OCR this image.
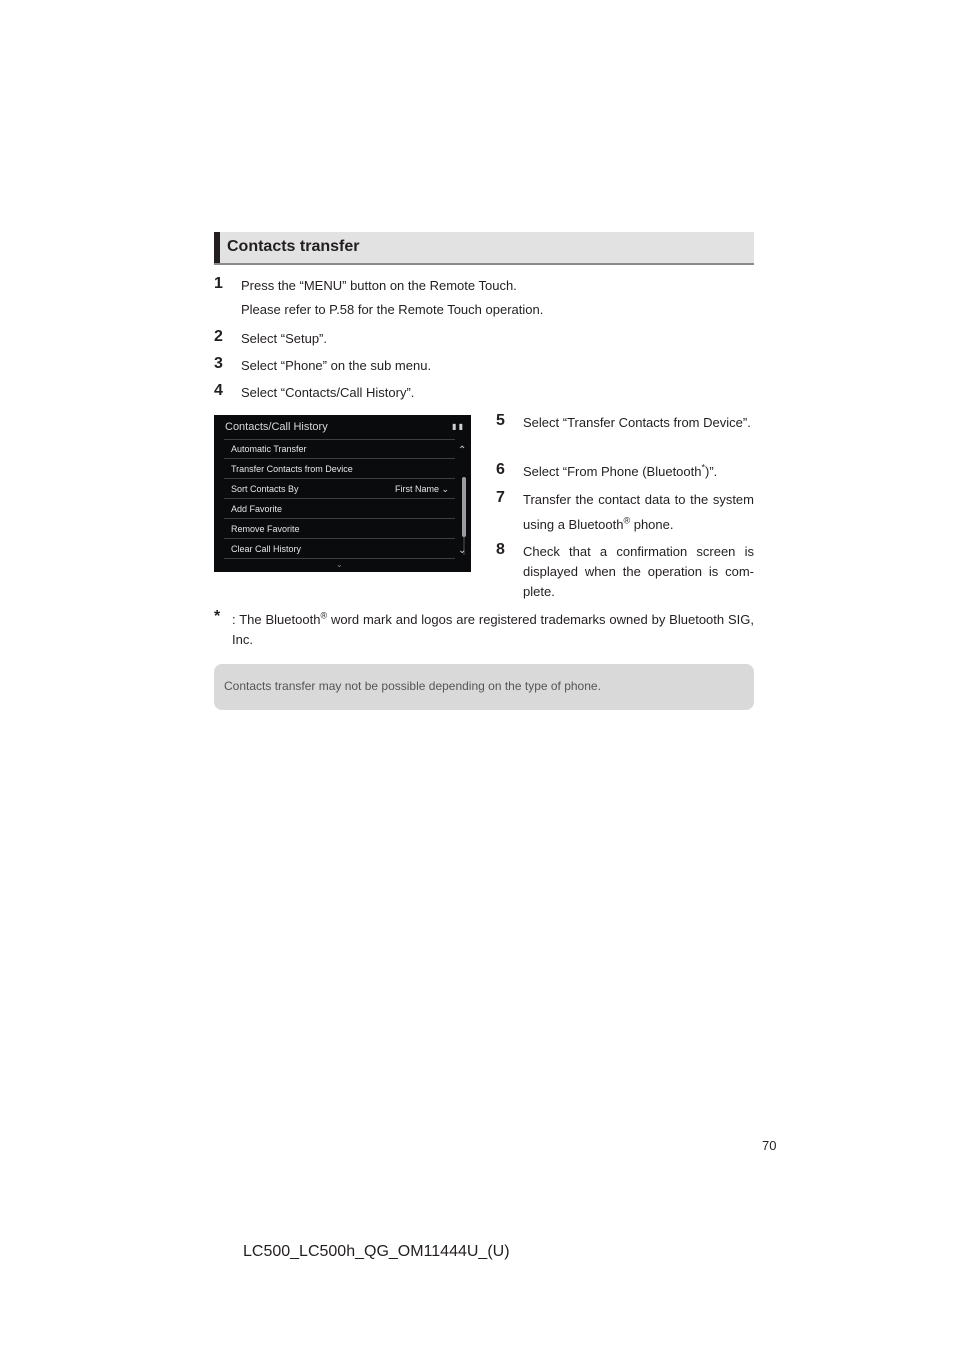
Contacts transfer
1 Press the “MENU” button on the Remote Touch.
Please refer to P.58 for the Remote Touch operation.
2 Select “Setup”.
3 Select “Phone” on the sub menu.
4 Select “Contacts/Call History”.
Contacts/Call History	▮ ▮
Automatic Transfer
Transfer Contacts from Device
Sort Contacts By	First Name ⌄
Add Favorite
Remove Favorite
Clear Call History
⌃
⌄
⌄
5 Select “Transfer Contacts from Device”.
6 Select “From Phone (Bluetooth*)”.
7 Transfer the contact data to the system using a Bluetooth® phone.
8 Check that a confirmation screen is displayed when the operation is com-plete.
* : The Bluetooth® word mark and logos are registered trademarks owned by Bluetooth SIG, Inc.
Contacts transfer may not be possible depending on the type of phone.
70
LC500_LC500h_QG_OM11444U_(U)
